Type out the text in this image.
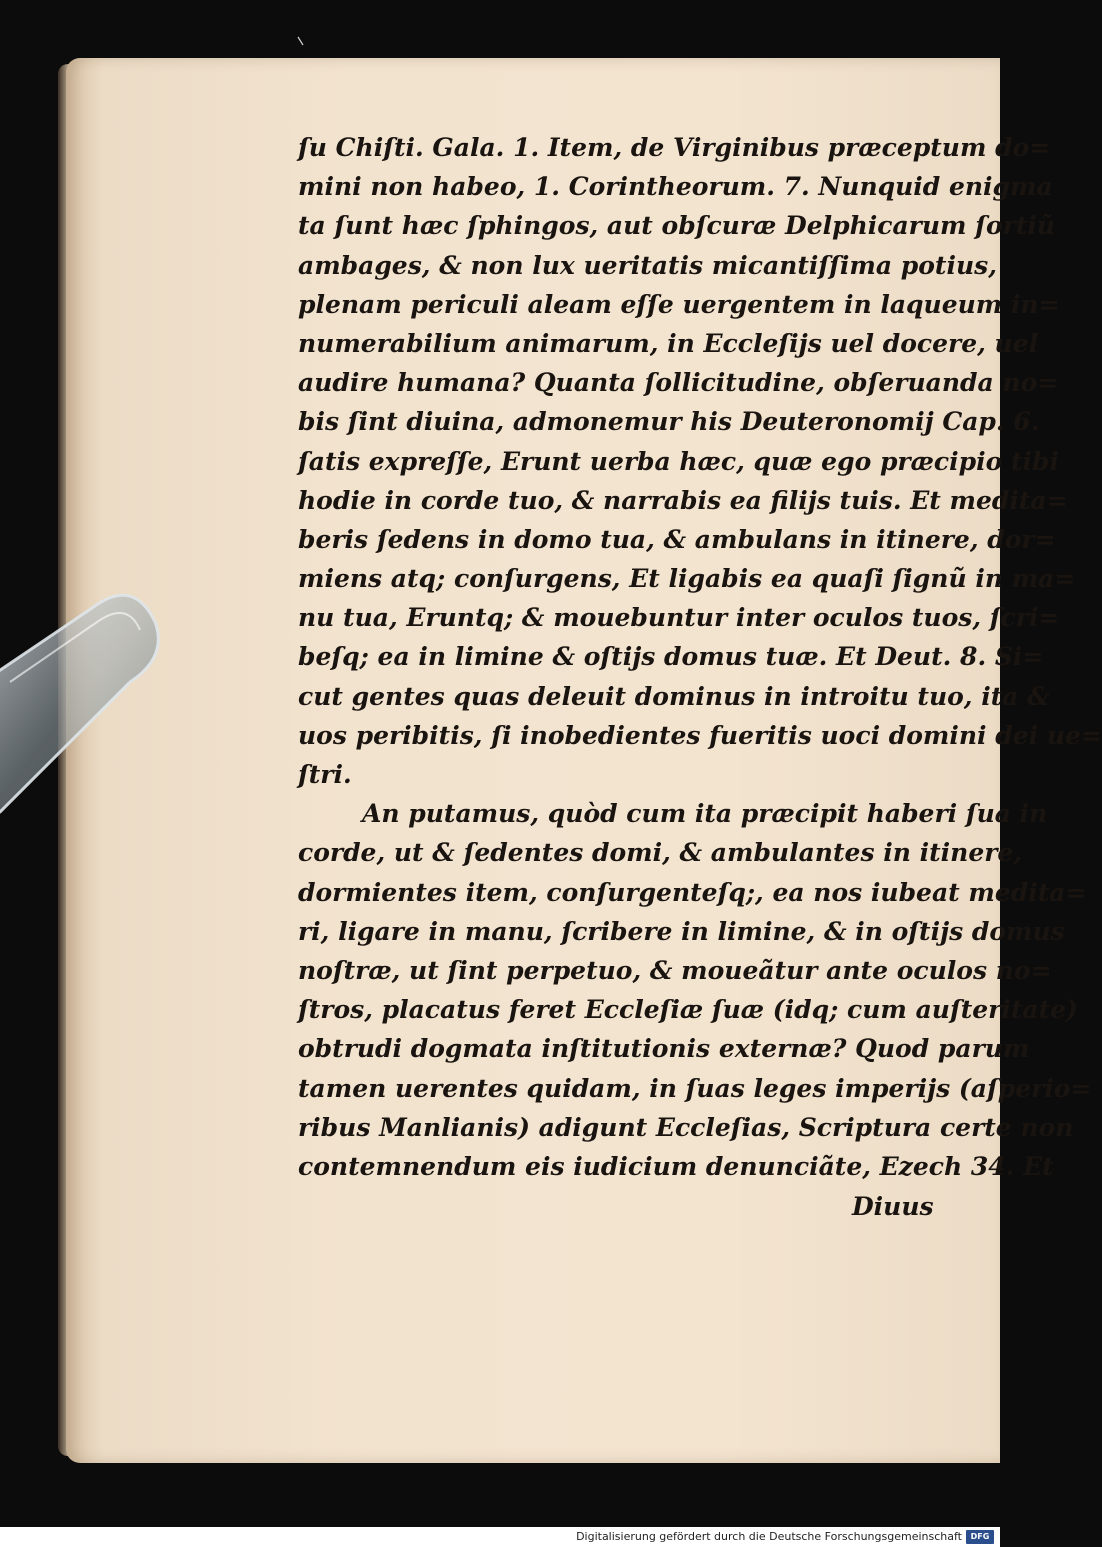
ſu Chiſti. Gala. 1. Item, de Virginibus præceptum do=
mini non habeo, 1. Corintheorum. 7. Nunquid enigma
ta ſunt hæc ſphingos, aut obſcuræ Delphicarum ſortiũ
ambages, & non lux ueritatis micantiſſima potius,
plenam periculi aleam eſſe uergentem in laqueum in=
numerabilium animarum, in Eccleſijs uel docere, uel
audire humana? Quanta ſollicitudine, obſeruanda no=
bis ſint diuina, admonemur his Deuteronomij Cap. 6.
ſatis expreſſe, Erunt uerba hæc, quæ ego præcipio tibi
hodie in corde tuo, & narrabis ea filijs tuis. Et medita=
beris ſedens in domo tua, & ambulans in itinere, dor=
miens atq; conſurgens, Et ligabis ea quaſi ſignũ in ma=
nu tua, Eruntq; & mouebuntur inter oculos tuos, ſcri=
beſq; ea in limine & oſtijs domus tuæ. Et Deut. 8. Si=
cut gentes quas deleuit dominus in introitu tuo, ita &
uos peribitis, ſi inobedientes fueritis uoci domini dei ue=
ſtri.
An putamus, quòd cum ita præcipit haberi ſua in
corde, ut & ſedentes domi, & ambulantes in itinere,
dormientes item, conſurgenteſq;, ea nos iubeat medita=
ri, ligare in manu, ſcribere in limine, & in oſtijs domus
noſtræ, ut ſint perpetuo, & moueãtur ante oculos no=
ſtros, placatus feret Eccleſiæ ſuæ (idq; cum auſteritate)
obtrudi dogmata inſtitutionis externæ? Quod parum
tamen uerentes quidam, in ſuas leges imperijs (aſperio=
ribus Manlianis) adigunt Eccleſias, Scriptura certe non
contemnendum eis iudicium denunciãte, Ezech 34. Et
Diuus
Digitalisierung gefördert durch die Deutsche Forschungsgemeinschaft	DFG
